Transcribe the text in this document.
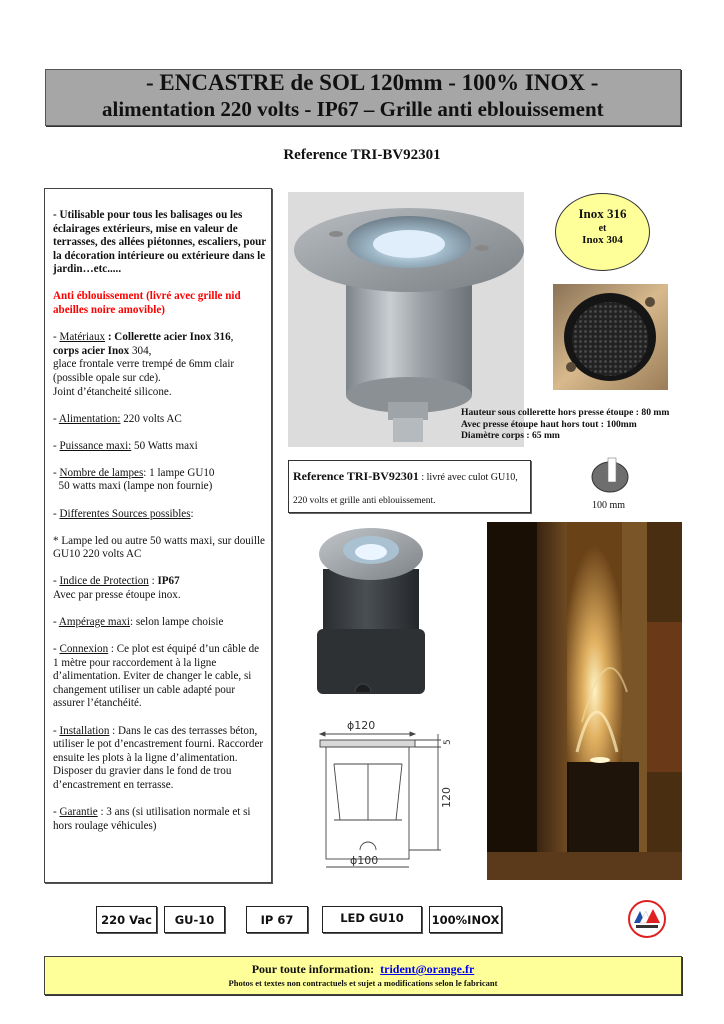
- ENCASTRE de SOL 120mm - 100% INOX -
alimentation 220 volts - IP67 – Grille anti eblouissement
Reference TRI-BV92301

- Utilisable pour tous les balisages ou les éclairages extérieurs, mise en valeur de terrasses, des allées piétonnes, escaliers, pour la décoration intérieure ou extérieure dans le jardin…etc.....

Anti éblouissement (livré avec grille nid abeilles noire amovible)

- Matériaux : Collerette acier Inox 316,
corps acier Inox 304,
glace frontale verre trempé de 6mm clair (possible opale sur cde).
Joint d’étancheité silicone.

- Alimentation: 220 volts AC

- Puissance maxi: 50 Watts maxi

- Nombre de lampes: 1 lampe GU10
50 watts maxi (lampe non fournie)

- Differentes Sources possibles:

* Lampe led ou autre 50 watts maxi, sur douille GU10 220 volts AC

- Indice de Protection : IP67
Avec par presse étoupe inox.

- Ampérage maxi: selon lampe choisie

- Connexion : Ce plot est équipé d’un câble de 1 mètre pour raccordement à la ligne d’alimentation. Eviter de changer le cable, si changement utiliser un cable adapté pour assurer l’étanchéité.

- Installation : Dans le cas des terrasses béton, utiliser le pot d’encastrement fourni. Raccorder ensuite les plots à la ligne d’alimentation.
Disposer du gravier dans le fond de trou d’encastrement en terrasse.

- Garantie : 3 ans (si utilisation normale et si hors roulage véhicules)

Inox 316
et
Inox 304
Hauteur sous collerette hors presse étoupe : 80 mm
Avec presse étoupe haut hors tout : 100mm
Diamètre corps : 65 mm
Reference TRI-BV92301 : livré avec culot GU10,
220 volts et grille anti eblouissement.	100 mm
ϕ120
ϕ100
5
120
220 Vac	GU-10	IP 67	LED GU10	100%INOX
Pour toute information: trident@orange.fr
Photos et textes non contractuels et sujet a modifications selon le fabricant
